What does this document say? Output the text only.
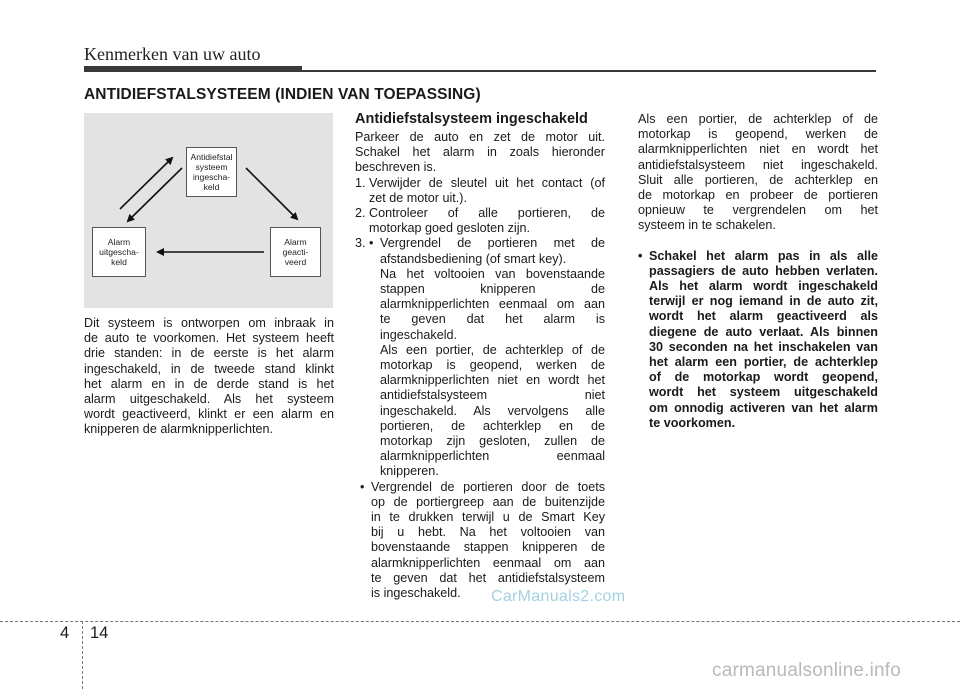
Kenmerken van uw auto
ANTIDIEFSTALSYSTEEM (INDIEN VAN TOEPASSING)
Antidiefstal
systeem
ingescha-
keld
Alarm
uitgescha-
keld
Alarm
geacti-
veerd

Dit systeem is ontworpen om inbraak in

de auto te voorkomen. Het systeem heeft

drie standen: in de eerste is het alarm

ingeschakeld, in de tweede stand klinkt

het alarm en in de derde stand is het

alarm uitgeschakeld. Als het systeem

wordt geactiveerd, klinkt er een alarm en

knipperen de alarmknipperlichten.

Antidiefstalsysteem ingeschakeld

Parkeer de auto en zet de motor uit.

Schakel het alarm in zoals hieronder

beschreven is.

1. Verwijder de sleutel uit het contact (of

zet de motor uit.).

2. Controleer of alle portieren, de

motorkap goed gesloten zijn.

3. • Vergrendel de portieren met de

afstandsbediening (of smart key).

Na het voltooien van bovenstaande

stappen knipperen de

alarmknipperlichten eenmaal om aan

te geven dat het alarm is

ingeschakeld.

Als een portier, de achterklep of de

motorkap is geopend, werken de

alarmknipperlichten niet en wordt het

antidiefstalsysteem niet

ingeschakeld. Als vervolgens alle

portieren, de achterklep en de

motorkap zijn gesloten, zullen de

alarmknipperlichten eenmaal

knipperen.

• Vergrendel de portieren door de toets

op de portiergreep aan de buitenzijde

in te drukken terwijl u de Smart Key

bij u hebt. Na het voltooien van

bovenstaande stappen knipperen de

alarmknipperlichten eenmaal om aan

te geven dat het antidiefstalsysteem

is ingeschakeld.

Als een portier, de achterklep of de

motorkap is geopend, werken de

alarmknipperlichten niet en wordt het

antidiefstalsysteem niet ingeschakeld.

Sluit alle portieren, de achterklep en

de motorkap en probeer de portieren

opnieuw te vergrendelen om het

systeem in te schakelen.

• Schakel het alarm pas in als alle

passagiers de auto hebben verlaten.

Als het alarm wordt ingeschakeld

terwijl er nog iemand in de auto zit,

wordt het alarm geactiveerd als

diegene de auto verlaat. Als binnen

30 seconden na het inschakelen van

het alarm een portier, de achterklep

of de motorkap wordt geopend,

wordt het systeem uitgeschakeld

om onnodig activeren van het alarm

te voorkomen.

CarManuals2.com
carmanualsonline.info
4 14
